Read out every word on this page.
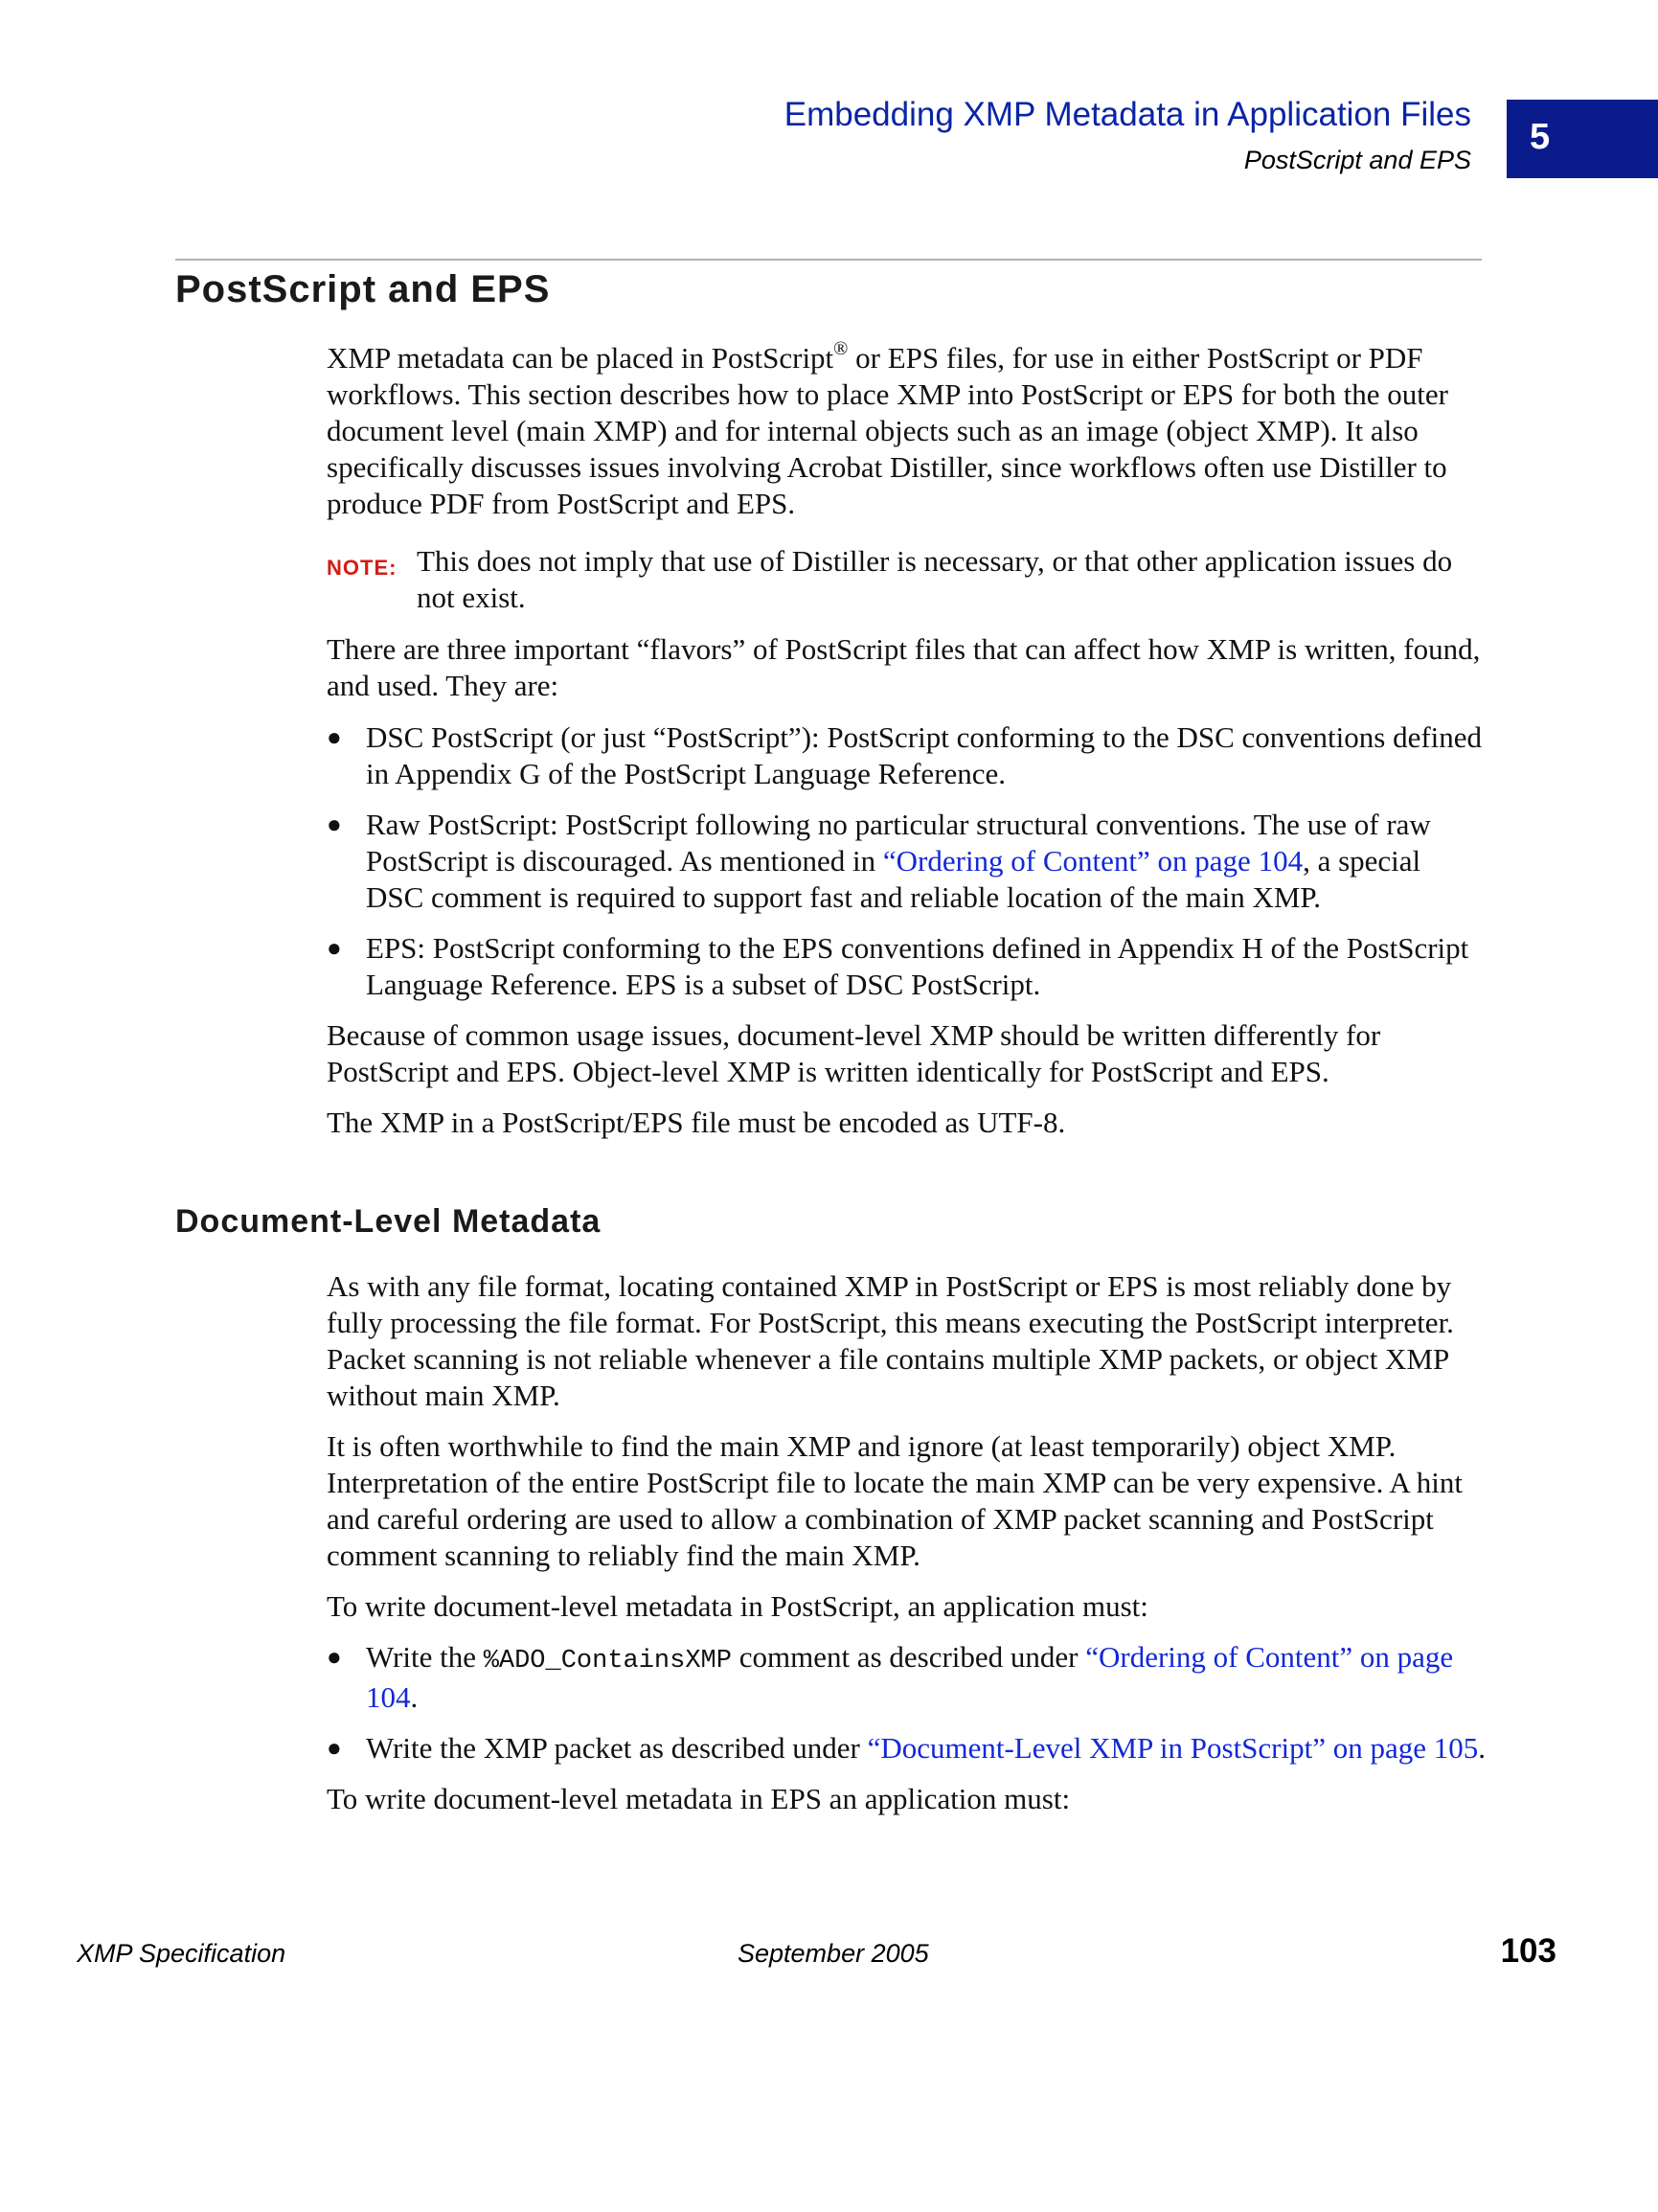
Embedding XMP Metadata in Application Files
PostScript and EPS
5
PostScript and EPS

XMP metadata can be placed in PostScript® or EPS files, for use in either PostScript or PDF workflows. This section describes how to place XMP into PostScript or EPS for both the outer document level (main XMP) and for internal objects such as an image (object XMP). It also specifically discusses issues involving Acrobat Distiller, since workflows often use Distiller to produce PDF from PostScript and EPS.

NOTE: This does not imply that use of Distiller is necessary, or that other application issues do not exist.

There are three important “flavors” of PostScript files that can affect how XMP is written, found, and used. They are:

● DSC PostScript (or just “PostScript”): PostScript conforming to the DSC conventions defined in Appendix G of the PostScript Language Reference.
● Raw PostScript: PostScript following no particular structural conventions. The use of raw PostScript is discouraged. As mentioned in “Ordering of Content” on page 104, a special DSC comment is required to support fast and reliable location of the main XMP.
● EPS: PostScript conforming to the EPS conventions defined in Appendix H of the PostScript Language Reference. EPS is a subset of DSC PostScript.

Because of common usage issues, document-level XMP should be written differently for PostScript and EPS. Object-level XMP is written identically for PostScript and EPS.

The XMP in a PostScript/EPS file must be encoded as UTF-8.

Document-Level Metadata

As with any file format, locating contained XMP in PostScript or EPS is most reliably done by fully processing the file format. For PostScript, this means executing the PostScript interpreter. Packet scanning is not reliable whenever a file contains multiple XMP packets, or object XMP without main XMP.

It is often worthwhile to find the main XMP and ignore (at least temporarily) object XMP. Interpretation of the entire PostScript file to locate the main XMP can be very expensive. A hint and careful ordering are used to allow a combination of XMP packet scanning and PostScript comment scanning to reliably find the main XMP.

To write document-level metadata in PostScript, an application must:

● Write the %ADO_ContainsXMP comment as described under “Ordering of Content” on page 104.
● Write the XMP packet as described under “Document-Level XMP in PostScript” on page 105.

To write document-level metadata in EPS an application must:

XMP Specification	September 2005	103
